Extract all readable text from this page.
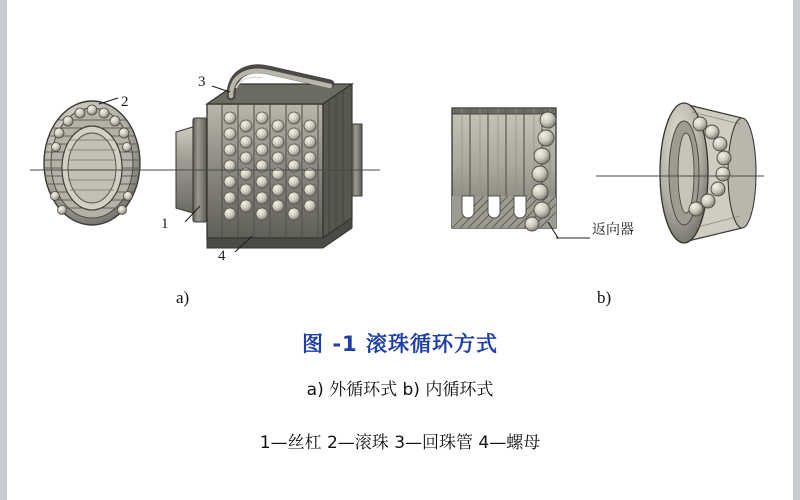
2
3
1
4
返向器
a)	b)
图 -1 滚珠循环方式
a) 外循环式 b) 内循环式
1—丝杠 2—滚珠 3—回珠管 4—螺母
